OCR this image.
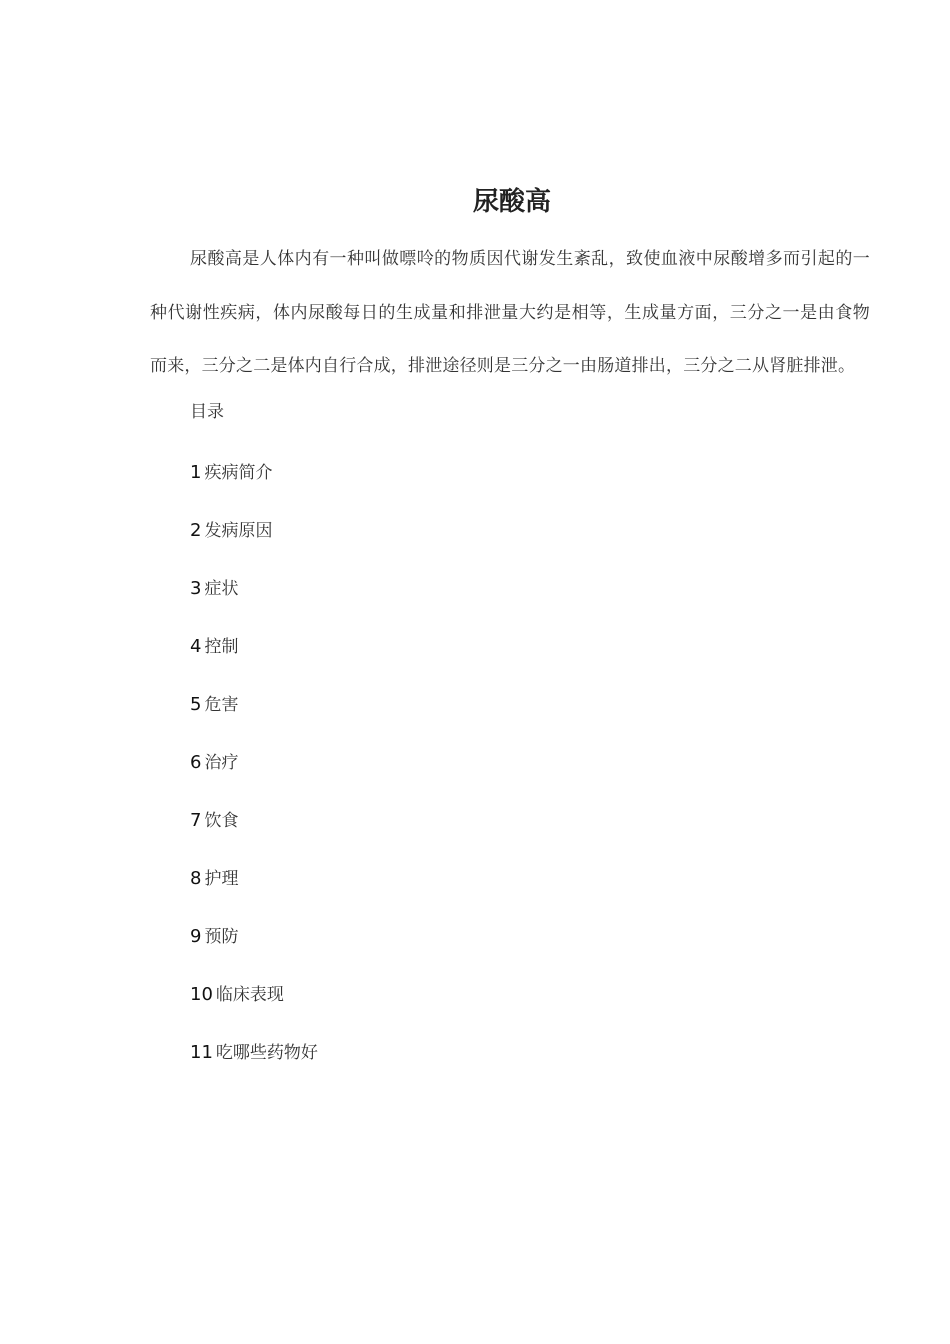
尿酸高

尿酸高是人体内有一种叫做嘌呤的物质因代谢发生紊乱，致使血液中尿酸增多而引起的一种代谢性疾病，体内尿酸每日的生成量和排泄量大约是相等，生成量方面，三分之一是由食物而来，三分之二是体内自行合成，排泄途径则是三分之一由肠道排出，三分之二从肾脏排泄。

目录
1 疾病简介
2 发病原因
3 症状
4 控制
5 危害
6 治疗
7 饮食
8 护理
9 预防
10 临床表现
11 吃哪些药物好
